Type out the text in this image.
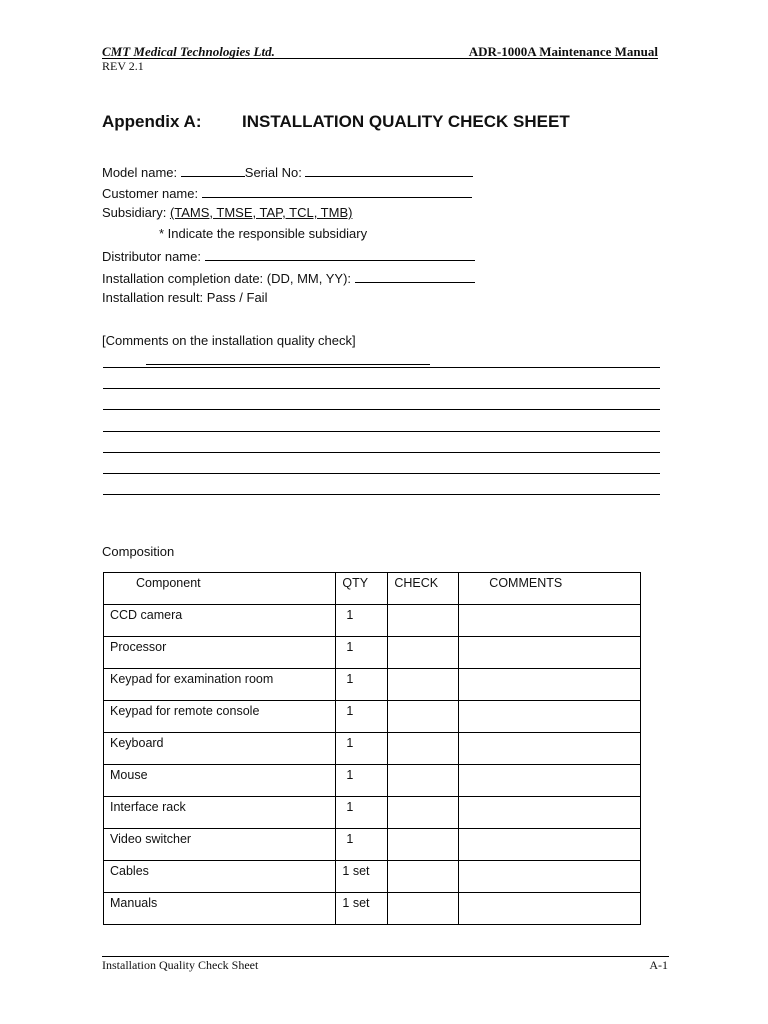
CMT Medical Technologies Ltd.	ADR-1000A Maintenance Manual
REV 2.1
Appendix A: INSTALLATION QUALITY CHECK SHEET
Model name:	Serial No:
Customer name:
Subsidiary: (TAMS, TMSE, TAP, TCL, TMB)
* Indicate the responsible subsidiary
Distributor name:
Installation completion date: (DD, MM, YY):
Installation result: Pass / Fail
[Comments on the installation quality check]
Composition
Component	QTY	CHECK	COMMENTS
CCD camera	1		
Processor	1		
Keypad for examination room	1		
Keypad for remote console	1		
Keyboard	1		
Mouse	1		
Interface rack	1		
Video switcher	1		
Cables	1 set		
Manuals	1 set		
Installation Quality Check Sheet	A-1
